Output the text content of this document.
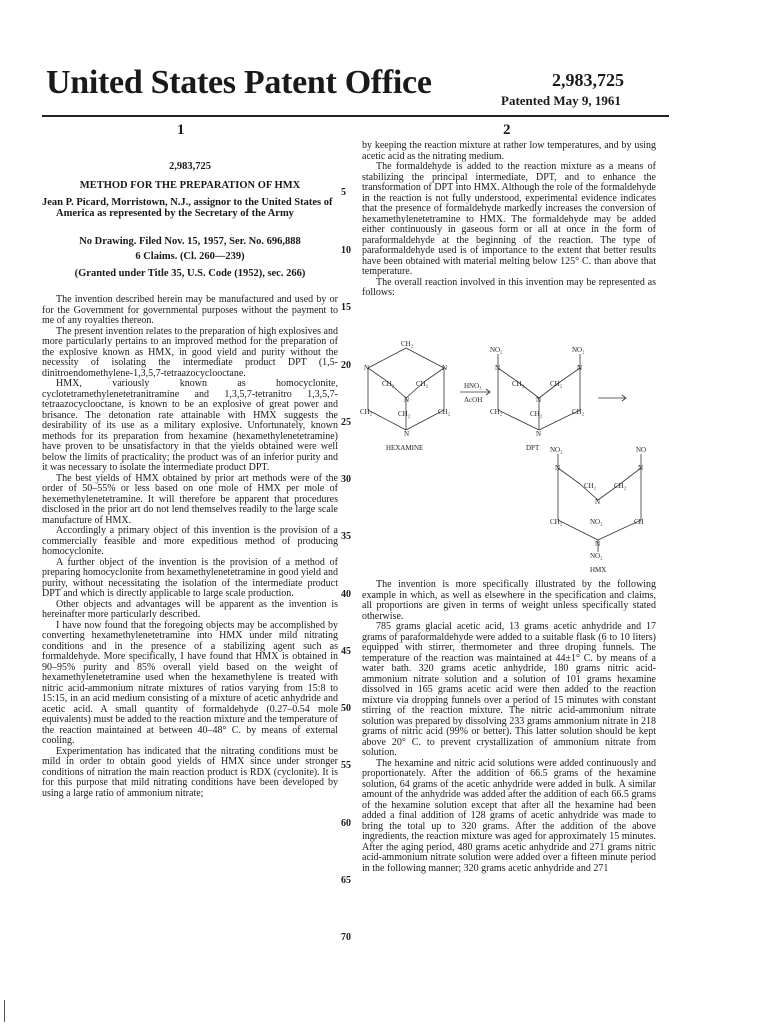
United States Patent Office	2,983,725
Patented May 9, 1961
1	2
2,983,725
METHOD FOR THE PREPARATION OF HMX
Jean P. Picard, Morristown, N.J., assignor to the United States of America as represented by the Secretary of the Army
No Drawing. Filed Nov. 15, 1957, Ser. No. 696,888
6 Claims. (Cl. 260—239)
(Granted under Title 35, U.S. Code (1952), sec. 266)

The invention described herein may be manufactured and used by or for the Government for governmental purposes without the payment to me of any royalties thereon.

The present invention relates to the preparation of high explosives and more particularly pertains to an improved method for the preparation of the explosive known as HMX, in good yield and purity without the necessity of isolating the intermediate product DPT (1,5-dinitroendomethylene-1,3,5,7-tetraazocyclooctane.

HMX, variously known as homocyclonite, cyclotetramethylenetetranitramine and 1,3,5,7-tetranitro 1,3,5,7-tetraazocyclooctane, is known to be an explosive of great power and brisance. The detonation rate attainable with HMX suggests the desirability of its use as a military explosive. Unfortunately, known methods for its preparation from hexamine (hexamethylenetetramine) have proven to be unsatisfactory in that the yields obtained were well below the limits of practicality; the product was of an inferior purity and it was necessary to isolate the intermediate product DPT.

The best yields of HMX obtained by prior art methods were of the order of 50–55% or less based on one mole of HMX per mole of hexemethylenetetramine. It will therefore be apparent that procedures disclosed in the prior art do not lend themselves readily to the large scale manufacture of HMX.

Accordingly a primary object of this invention is the provision of a commercially feasible and more expeditious method of producing homocyclonite.

A further object of the invention is the provision of a method of preparing homocyclonite from hexamethylenetetramine in good yield and purity, without necessitating the isolation of the intermediate product DPT and which is directly applicable to large scale production.

Other objects and advantages will be apparent as the invention is hereinafter more particularly described.

I have now found that the foregoing objects may be accomplished by converting hexamethylenetetramine into HMX under mild nitrating conditions and in the presence of a stabilizing agent such as formaldehyde. More specifically, I have found that HMX is obtained in 90–95% purity and 85% overall yield based on the weight of hexamethylenetetramine used when the hexamethylene is treated with nitric acid-ammonium nitrate mixtures of ratios varying from 15:8 to 15:15, in an acid medium consisting of a mixture of acetic anhydride and acetic acid. A small quantity of formaldehyde (0.27–0.54 mole equivalents) must be added to the reaction mixture and the temperature of the reaction maintained at between 40–48° C. by means of external cooling.

Experimentation has indicated that the nitrating conditions must be mild in order to obtain good yields of HMX since under stronger conditions of nitration the main reaction product is RDX (cyclonite). It is for this purpose that mild nitrating conditions have been developed by using a large ratio of ammonium nitrate;

by keeping the reaction mixture at rather low temperatures, and by using acetic acid as the nitrating medium.

The formaldehyde is added to the reaction mixture as a means of stabilizing the principal intermediate, DPT, and to enhance the transformation of DPT into HMX. Although the role of the formaldehyde in the reaction is not fully understood, experimental evidence indicates that the presence of formaldehyde markedly increases the conversion of hexamethylenetetramine to HMX. The formaldehyde may be added either continuously in gaseous form or all at once in the form of paraformaldehyde at the beginning of the reaction. The type of paraformaldehyde used is of importance to the extent that better results have been obtained with material melting below 125° C. than above that temperature.

The overall reaction involved in this invention may be represented as follows:

CH₂
N	N
CH₂	CH₂
N
CH₂	CH₂	CH₂
N
HEXAMINE
HNO₃
AcOH
NO₂	NO₂
N	N
CH₂	CH₂
N
CH₂	CH₂	CH₂
N
DPT NO₂	NO
N	N
CH₂	CH₂
N
CH₂	NO₂	CH
N
NO₂
HMX

The invention is more specifically illustrated by the following example in which, as well as elsewhere in the specification and claims, all proportions are given in terms of weight unless specifically stated otherwise.

785 grams glacial acetic acid, 13 grams acetic anhydride and 17 grams of paraformaldehyde were added to a suitable flask (6 to 10 liters) equipped with stirrer, thermometer and three droping funnels. The temperature of the reaction was maintained at 44±1° C. by means of a water bath. 320 grams acetic anhydride, 180 grams nitric acid-ammonium nitrate solution and a solution of 101 grams hexamine dissolved in 165 grams acetic acid were then added to the reaction mixture via dropping funnels over a period of 15 minutes with constant stirring of the reaction mixture. The nitric acid-ammonium nitrate solution was prepared by dissolving 233 grams ammonium nitrate in 218 grams of nitric acid (99% or better). This latter solution should be kept above 20° C. to prevent crystallization of ammonium nitrate from solution.

The hexamine and nitric acid solutions were added continuously and proportionately. After the addition of 66.5 grams of the hexamine solution, 64 grams of the acetic anhydride were added in bulk. A similar amount of the anhydride was added after the addition of each 66.5 grams of the hexamine solution except that after all the hexamine had been added a final addition of 128 grams of acetic anhydride was made to bring the total up to 320 grams. After the addition of the above ingredients, the reaction mixture was aged for approximately 15 minutes. After the aging period, 480 grams acetic anhydride and 271 grams nitric acid-ammonium nitrate solution were added over a fifteen minute period in the following manner; 320 grams acetic anhydride and 271

5
10
15
20
25
30
35
40
45
50
55
60
65
70
